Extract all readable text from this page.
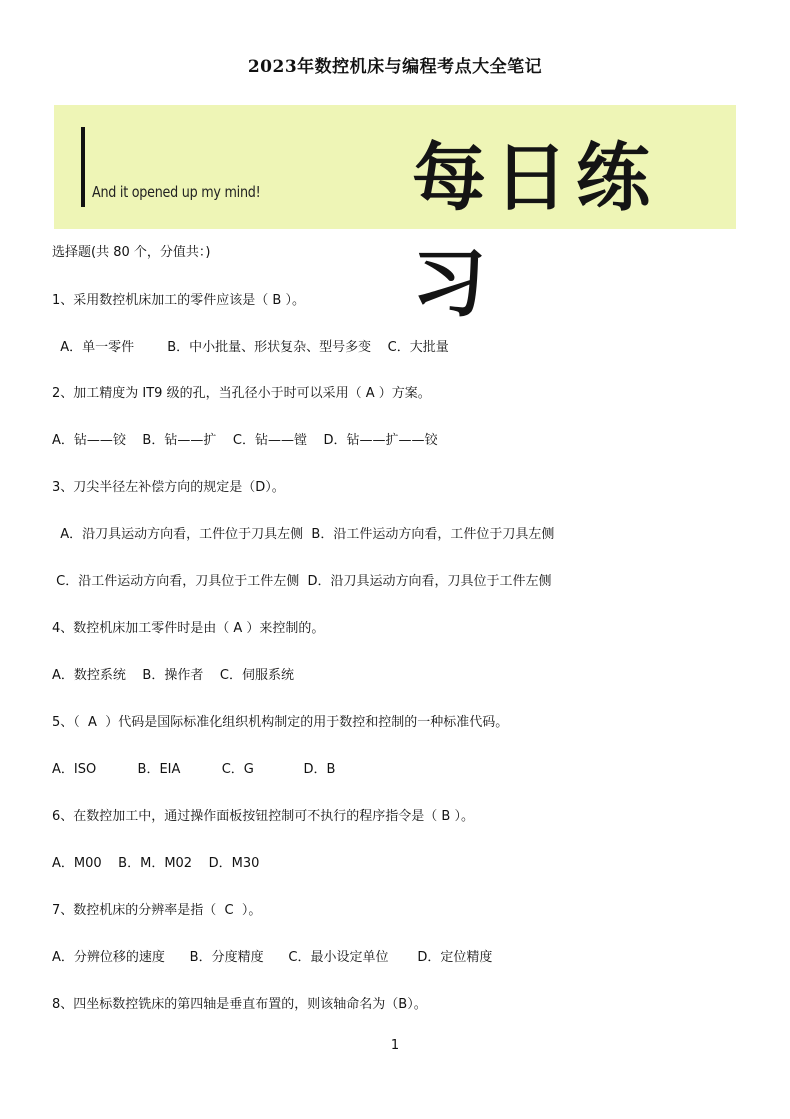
2023年数控机床与编程考点大全笔记
And it opened up my mind! 每日练习
选择题(共 80 个，分值共：)
1、采用数控机床加工的零件应该是（ B ）。
A．单一零件        B．中小批量、形状复杂、型号多变    C．大批量
2、加工精度为 IT9 级的孔，当孔径小于时可以采用（ A ）方案。
A．钻——铰    B．钻——扩    C．钻——镗    D．钻——扩——铰
3、刀尖半径左补偿方向的规定是（D）。
A．沿刀具运动方向看，工件位于刀具左侧  B．沿工件运动方向看，工件位于刀具左侧
C．沿工件运动方向看，刀具位于工件左侧  D．沿刀具运动方向看，刀具位于工件左侧
4、数控机床加工零件时是由（ A ）来控制的。
A．数控系统    B．操作者    C．伺服系统
5、（  A  ）代码是国际标准化组织机构制定的用于数控和控制的一种标准代码。
A．ISO          B．EIA          C．G            D．B
6、在数控加工中，通过操作面板按钮控制可不执行的程序指令是（ B ）。
A．M00    B．M．M02    D．M30
7、数控机床的分辨率是指（  C  ）。
A．分辨位移的速度      B．分度精度      C．最小设定单位       D．定位精度
8、四坐标数控铣床的第四轴是垂直布置的，则该轴命名为（B）。
1
